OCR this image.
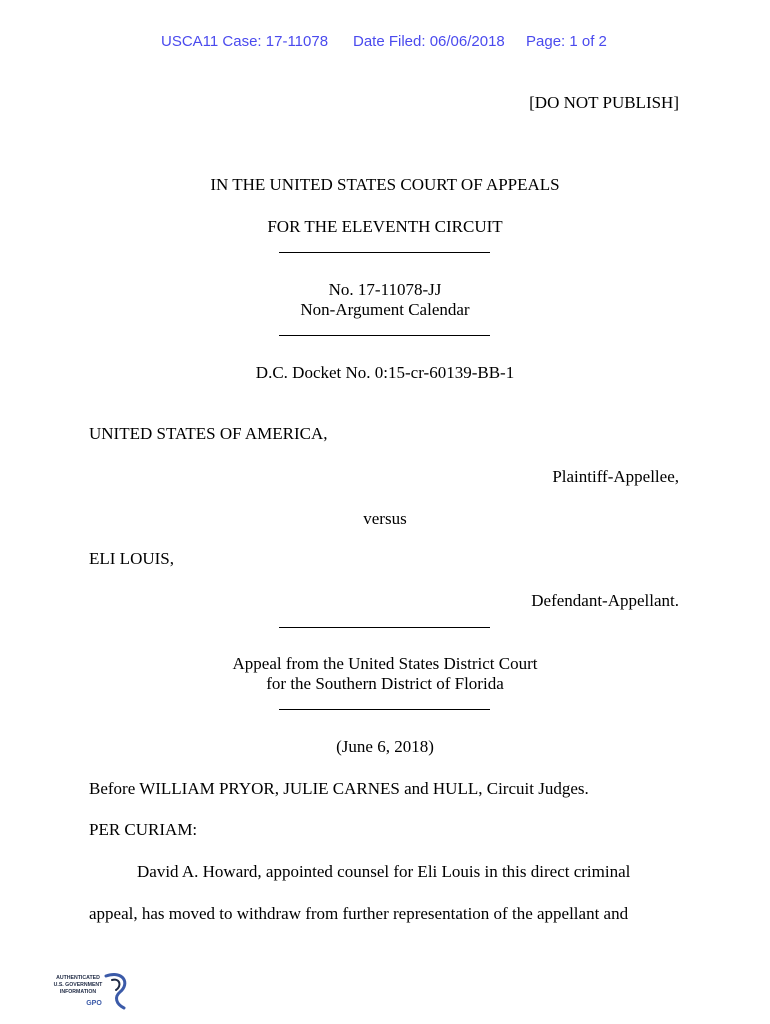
USCA11 Case: 17-11078 Date Filed: 06/06/2018 Page: 1 of 2
[DO NOT PUBLISH]
IN THE UNITED STATES COURT OF APPEALS
FOR THE ELEVENTH CIRCUIT
No. 17-11078-JJ
Non-Argument Calendar
D.C. Docket No. 0:15-cr-60139-BB-1
UNITED STATES OF AMERICA,
Plaintiff-Appellee,
versus
ELI LOUIS,
Defendant-Appellant.
Appeal from the United States District Court
for the Southern District of Florida
(June 6, 2018)
Before WILLIAM PRYOR, JULIE CARNES and HULL, Circuit Judges.
PER CURIAM:
David A. Howard, appointed counsel for Eli Louis in this direct criminal
appeal, has moved to withdraw from further representation of the appellant and
AUTHENTICATED
U.S. GOVERNMENT
INFORMATION
GPO
